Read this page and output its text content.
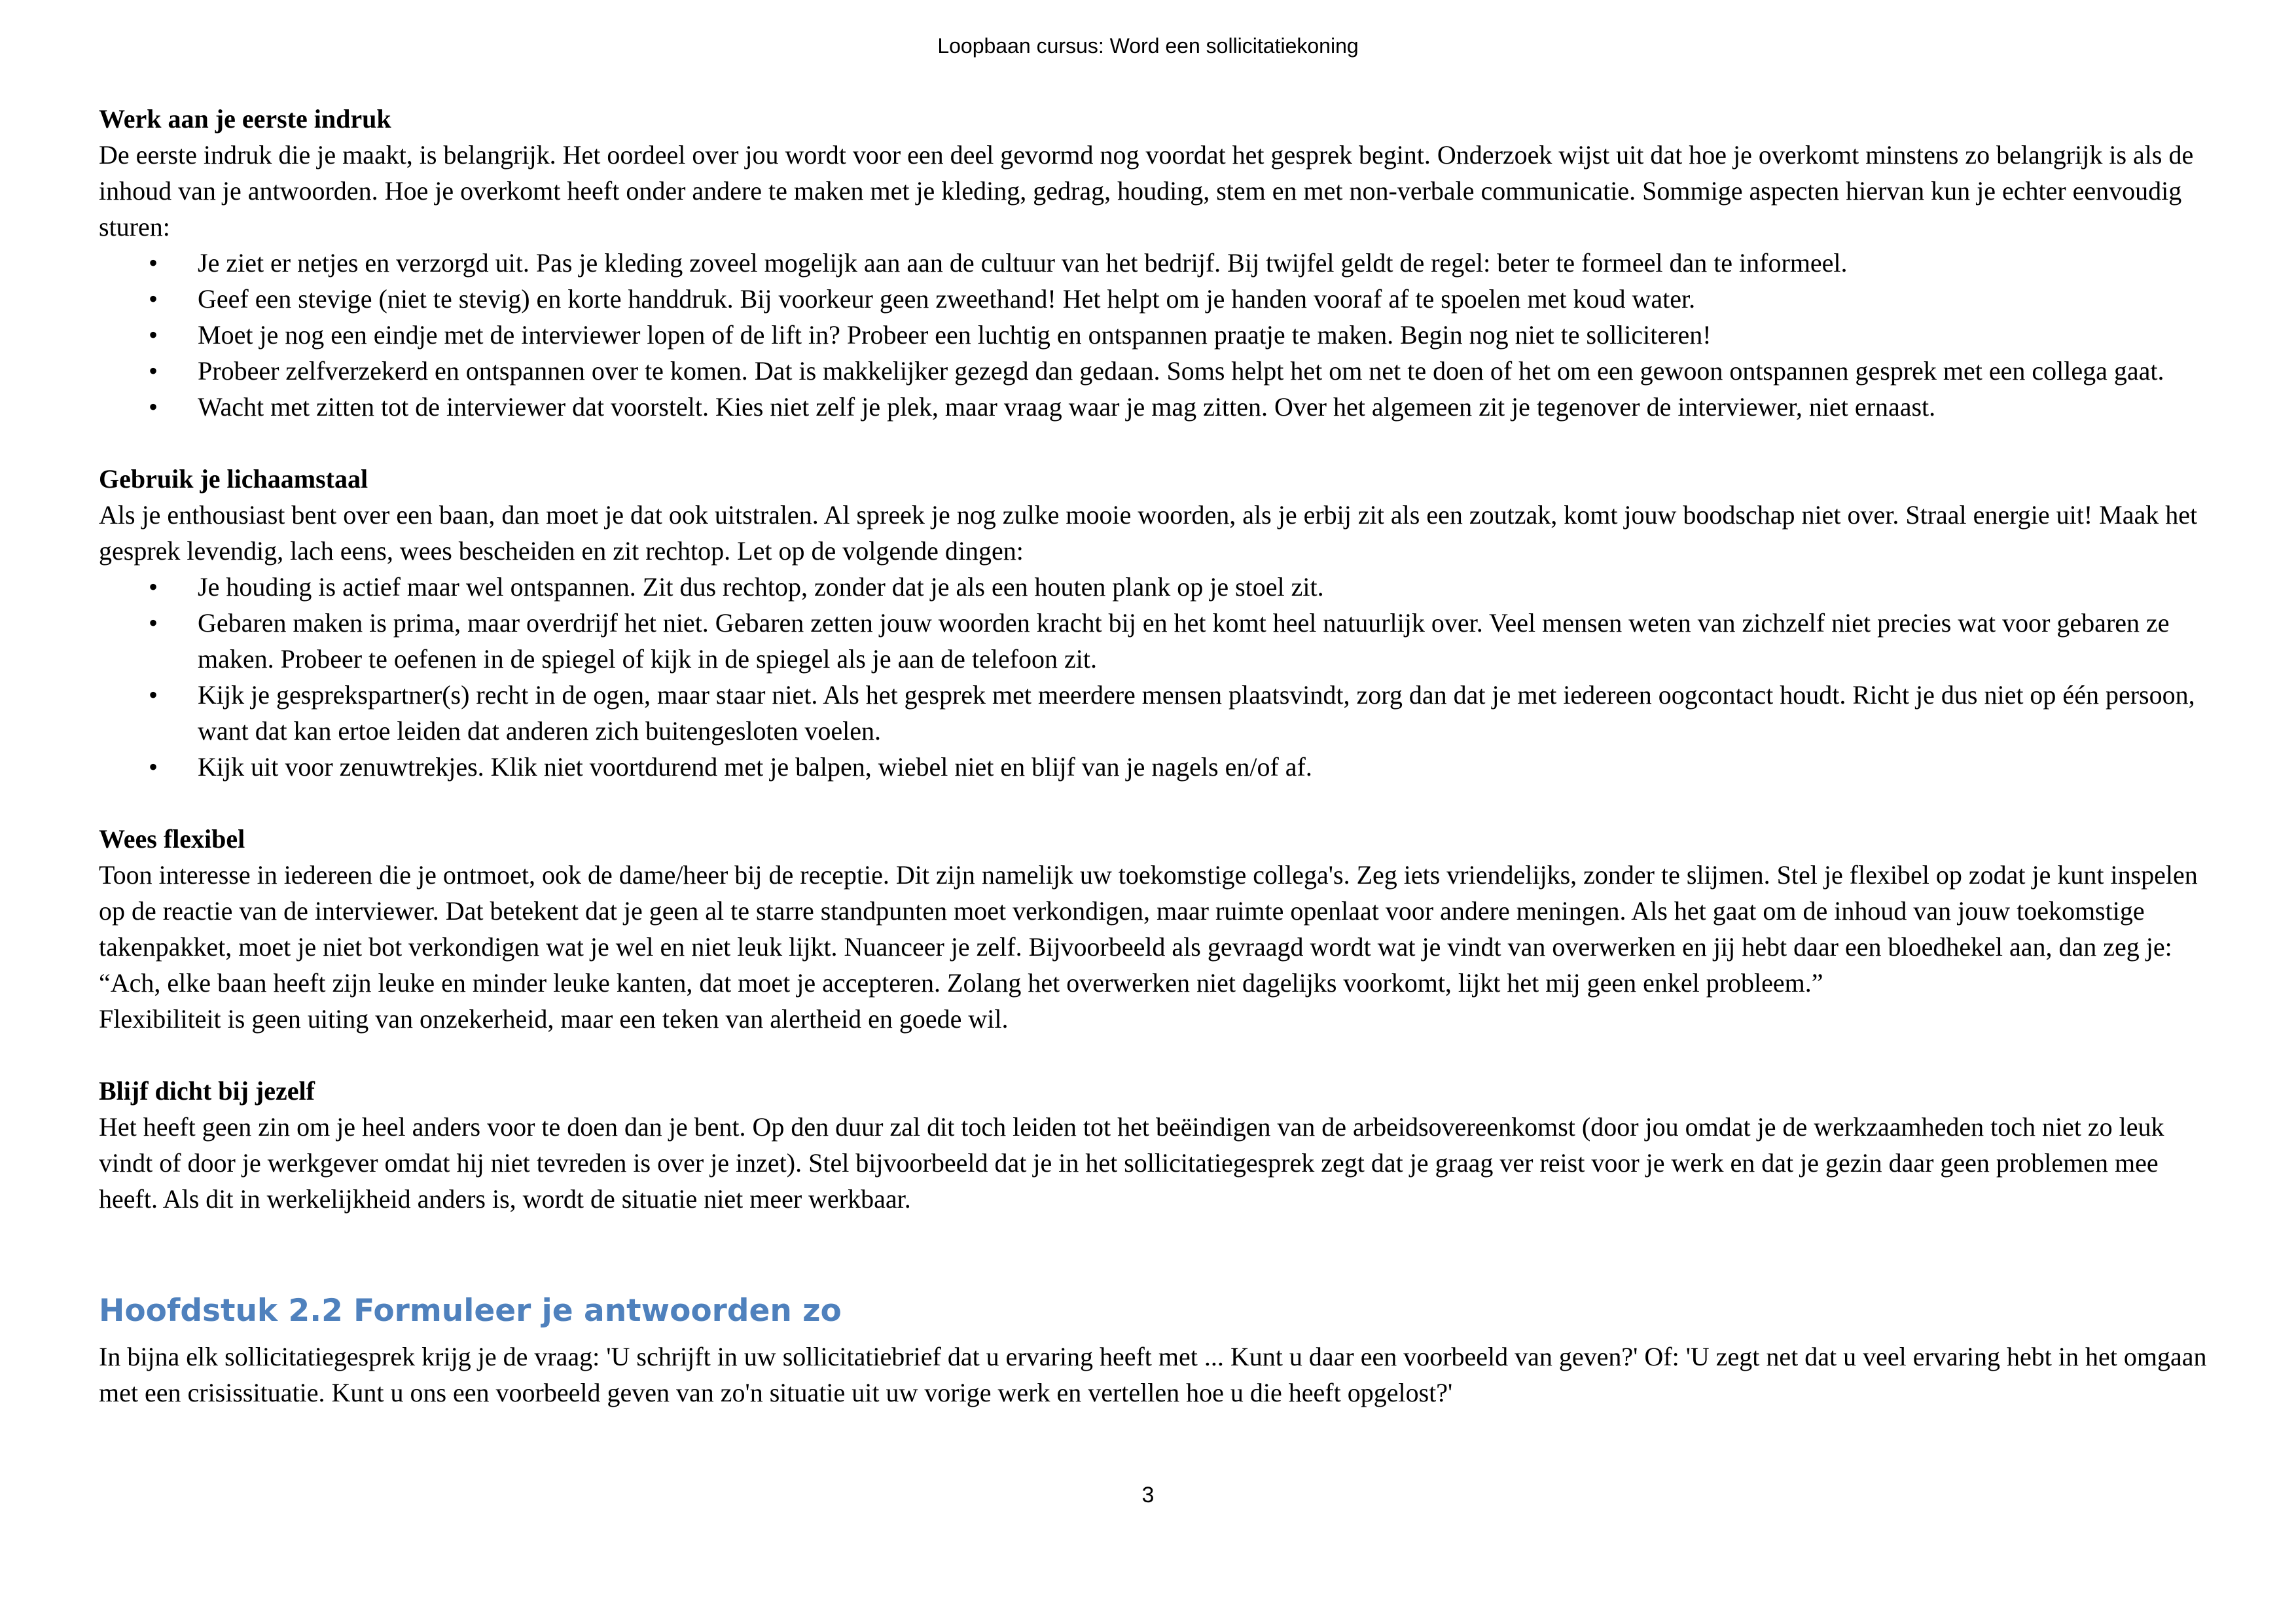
Loopbaan cursus: Word een sollicitatiekoning
Werk aan je eerste indruk

De eerste indruk die je maakt, is belangrijk. Het oordeel over jou wordt voor een deel gevormd nog voordat het gesprek begint. Onderzoek wijst uit dat hoe je overkomt minstens zo belangrijk is als de inhoud van je antwoorden. Hoe je overkomt heeft onder andere te maken met je kleding, gedrag, houding, stem en met non-verbale communicatie. Sommige aspecten hiervan kun je echter eenvoudig sturen:

• Je ziet er netjes en verzorgd uit. Pas je kleding zoveel mogelijk aan aan de cultuur van het bedrijf. Bij twijfel geldt de regel: beter te formeel dan te informeel.
• Geef een stevige (niet te stevig) en korte handdruk. Bij voorkeur geen zweethand! Het helpt om je handen vooraf af te spoelen met koud water.
• Moet je nog een eindje met de interviewer lopen of de lift in? Probeer een luchtig en ontspannen praatje te maken. Begin nog niet te solliciteren!
• Probeer zelfverzekerd en ontspannen over te komen. Dat is makkelijker gezegd dan gedaan. Soms helpt het om net te doen of het om een gewoon ontspannen gesprek met een collega gaat.
• Wacht met zitten tot de interviewer dat voorstelt. Kies niet zelf je plek, maar vraag waar je mag zitten. Over het algemeen zit je tegenover de interviewer, niet ernaast.
Gebruik je lichaamstaal

Als je enthousiast bent over een baan, dan moet je dat ook uitstralen. Al spreek je nog zulke mooie woorden, als je erbij zit als een zoutzak, komt jouw boodschap niet over. Straal energie uit! Maak het gesprek levendig, lach eens, wees bescheiden en zit rechtop. Let op de volgende dingen:

• Je houding is actief maar wel ontspannen. Zit dus rechtop, zonder dat je als een houten plank op je stoel zit.
• Gebaren maken is prima, maar overdrijf het niet. Gebaren zetten jouw woorden kracht bij en het komt heel natuurlijk over. Veel mensen weten van zichzelf niet precies wat voor gebaren ze maken. Probeer te oefenen in de spiegel of kijk in de spiegel als je aan de telefoon zit.
• Kijk je gesprekspartner(s) recht in de ogen, maar staar niet. Als het gesprek met meerdere mensen plaatsvindt, zorg dan dat je met iedereen oogcontact houdt. Richt je dus niet op één persoon, want dat kan ertoe leiden dat anderen zich buitengesloten voelen.
• Kijk uit voor zenuwtrekjes. Klik niet voortdurend met je balpen, wiebel niet en blijf van je nagels en/of af.
Wees flexibel

Toon interesse in iedereen die je ontmoet, ook de dame/heer bij de receptie. Dit zijn namelijk uw toekomstige collega's. Zeg iets vriendelijks, zonder te slijmen. Stel je flexibel op zodat je kunt inspelen op de reactie van de interviewer. Dat betekent dat je geen al te starre standpunten moet verkondigen, maar ruimte openlaat voor andere meningen. Als het gaat om de inhoud van jouw toekomstige takenpakket, moet je niet bot verkondigen wat je wel en niet leuk lijkt. Nuanceer je zelf. Bijvoorbeeld als gevraagd wordt wat je vindt van overwerken en jij hebt daar een bloedhekel aan, dan zeg je: “Ach, elke baan heeft zijn leuke en minder leuke kanten, dat moet je accepteren. Zolang het overwerken niet dagelijks voorkomt, lijkt het mij geen enkel probleem.”

Flexibiliteit is geen uiting van onzekerheid, maar een teken van alertheid en goede wil.

Blijf dicht bij jezelf

Het heeft geen zin om je heel anders voor te doen dan je bent. Op den duur zal dit toch leiden tot het beëindigen van de arbeidsovereenkomst (door jou omdat je de werkzaamheden toch niet zo leuk vindt of door je werkgever omdat hij niet tevreden is over je inzet). Stel bijvoorbeeld dat je in het sollicitatiegesprek zegt dat je graag ver reist voor je werk en dat je gezin daar geen problemen mee heeft. Als dit in werkelijkheid anders is, wordt de situatie niet meer werkbaar.

Hoofdstuk 2.2 Formuleer je antwoorden zo

In bijna elk sollicitatiegesprek krijg je de vraag: 'U schrijft in uw sollicitatiebrief dat u ervaring heeft met ... Kunt u daar een voorbeeld van geven?' Of: 'U zegt net dat u veel ervaring hebt in het omgaan met een crisissituatie. Kunt u ons een voorbeeld geven van zo'n situatie uit uw vorige werk en vertellen hoe u die heeft opgelost?'

3
